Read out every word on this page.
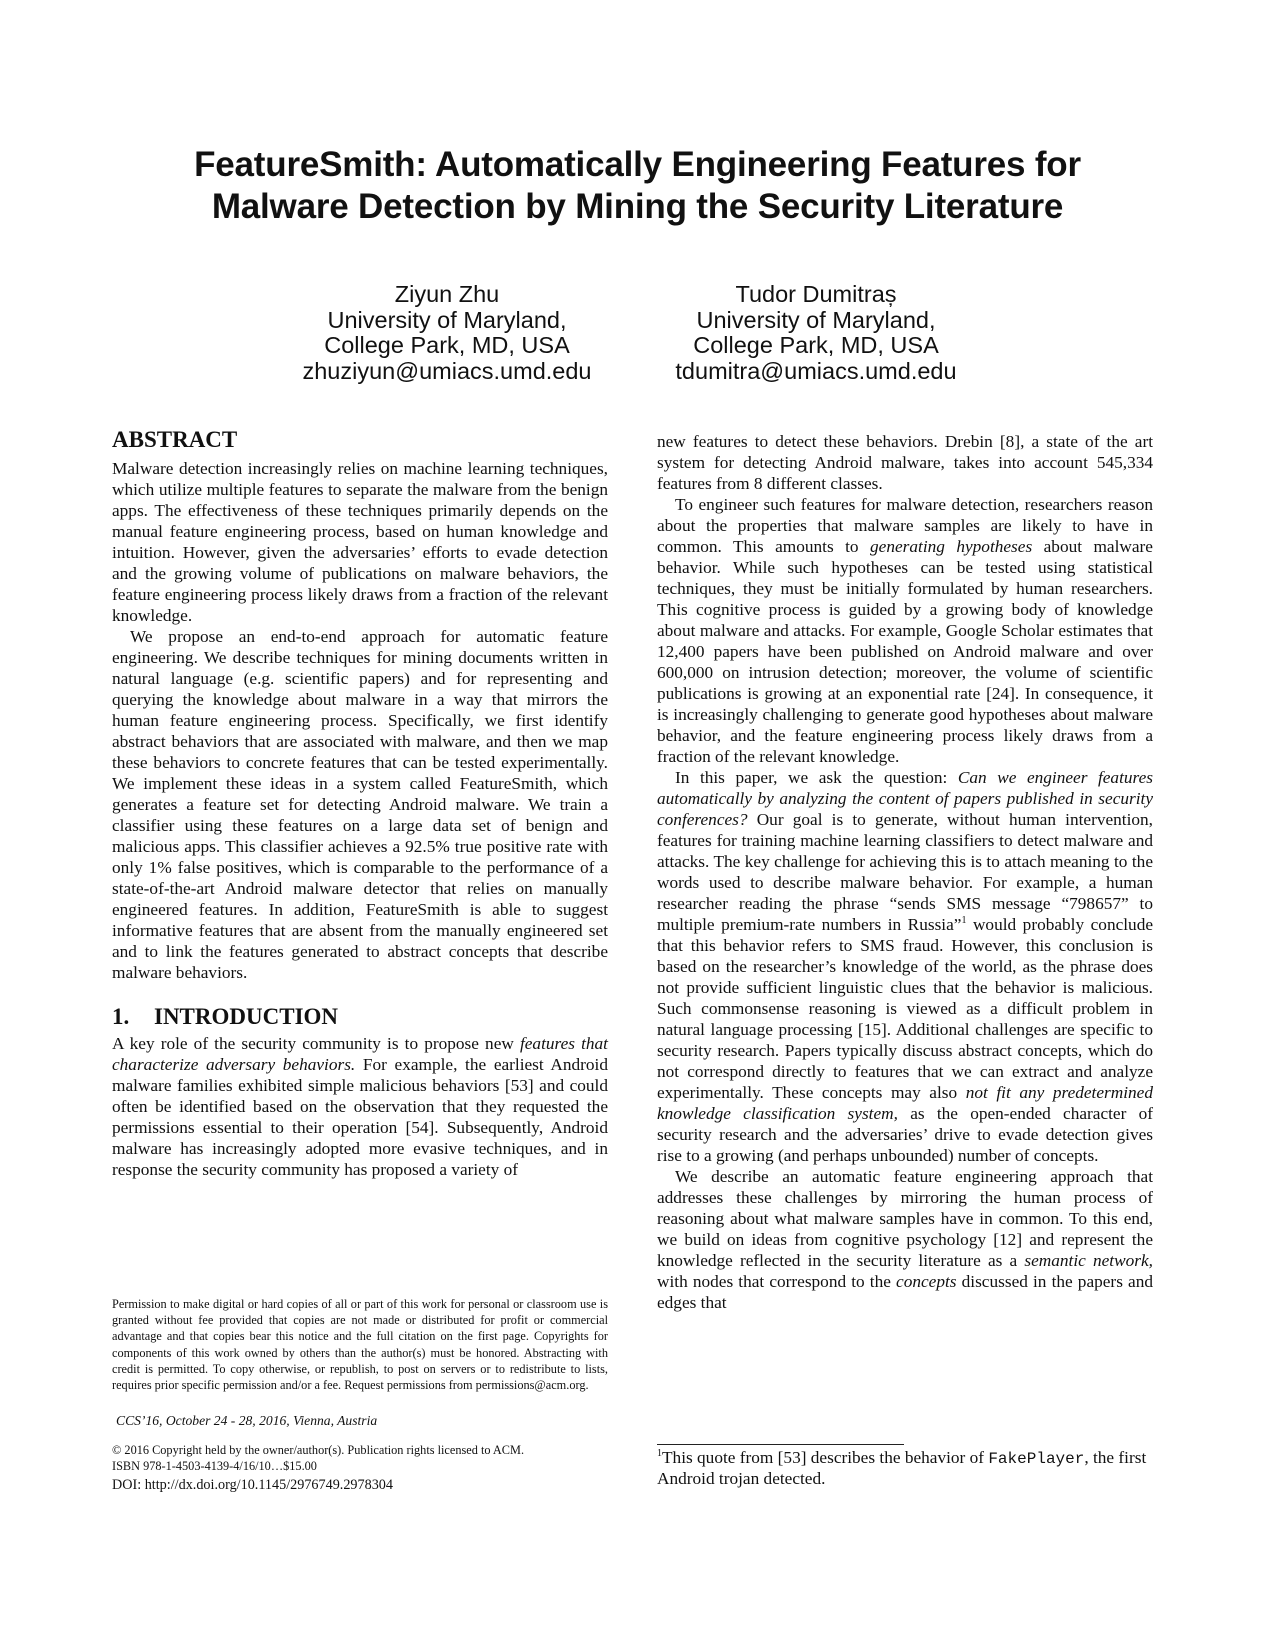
FeatureSmith: Automatically Engineering Features for
Malware Detection by Mining the Security Literature
Ziyun Zhu
University of Maryland,
College Park, MD, USA
zhuziyun@umiacs.umd.edu
Tudor Dumitraș
University of Maryland,
College Park, MD, USA
tdumitra@umiacs.umd.edu
ABSTRACT

Malware detection increasingly relies on machine learning techniques, which utilize multiple features to separate the malware from the benign apps. The effectiveness of these techniques primarily depends on the manual feature engineering process, based on human knowledge and intuition. However, given the adversaries’ efforts to evade detection and the growing volume of publications on malware behaviors, the feature engineering process likely draws from a fraction of the relevant knowledge.

We propose an end-to-end approach for automatic feature engineering. We describe techniques for mining documents written in natural language (e.g. scientific papers) and for representing and querying the knowledge about malware in a way that mirrors the human feature engineering process. Specifically, we first identify abstract behaviors that are associated with malware, and then we map these behaviors to concrete features that can be tested experimentally. We implement these ideas in a system called FeatureSmith, which generates a feature set for detecting Android malware. We train a classifier using these features on a large data set of benign and malicious apps. This classifier achieves a 92.5% true positive rate with only 1% false positives, which is comparable to the performance of a state-of-the-art Android malware detector that relies on manually engineered features. In addition, FeatureSmith is able to suggest informative features that are absent from the manually engineered set and to link the features generated to abstract concepts that describe malware behaviors.

1. INTRODUCTION

A key role of the security community is to propose new features that characterize adversary behaviors. For example, the earliest Android malware families exhibited simple malicious behaviors [53] and could often be identified based on the observation that they requested the permissions essential to their operation [54]. Subsequently, Android malware has increasingly adopted more evasive techniques, and in response the security community has proposed a variety of

Permission to make digital or hard copies of all or part of this work for personal or classroom use is granted without fee provided that copies are not made or distributed for profit or commercial advantage and that copies bear this notice and the full citation on the first page. Copyrights for components of this work owned by others than the author(s) must be honored. Abstracting with credit is permitted. To copy otherwise, or republish, to post on servers or to redistribute to lists, requires prior specific permission and/or a fee. Request permissions from permissions@acm.org.
CCS’16, October 24 - 28, 2016, Vienna, Austria
© 2016 Copyright held by the owner/author(s). Publication rights licensed to ACM.
ISBN 978-1-4503-4139-4/16/10…$15.00
DOI: http://dx.doi.org/10.1145/2976749.2978304

new features to detect these behaviors. Drebin [8], a state of the art system for detecting Android malware, takes into account 545,334 features from 8 different classes.

To engineer such features for malware detection, researchers reason about the properties that malware samples are likely to have in common. This amounts to generating hypotheses about malware behavior. While such hypotheses can be tested using statistical techniques, they must be initially formulated by human researchers. This cognitive process is guided by a growing body of knowledge about malware and attacks. For example, Google Scholar estimates that 12,400 papers have been published on Android malware and over 600,000 on intrusion detection; moreover, the volume of scientific publications is growing at an exponential rate [24]. In consequence, it is increasingly challenging to generate good hypotheses about malware behavior, and the feature engineering process likely draws from a fraction of the relevant knowledge.

In this paper, we ask the question: Can we engineer features automatically by analyzing the content of papers published in security conferences? Our goal is to generate, without human intervention, features for training machine learning classifiers to detect malware and attacks. The key challenge for achieving this is to attach meaning to the words used to describe malware behavior. For example, a human researcher reading the phrase “sends SMS message “798657” to multiple premium-rate numbers in Russia”$^1$ would probably conclude that this behavior refers to SMS fraud. However, this conclusion is based on the researcher’s knowledge of the world, as the phrase does not provide sufficient linguistic clues that the behavior is malicious. Such commonsense reasoning is viewed as a difficult problem in natural language processing [15]. Additional challenges are specific to security research. Papers typically discuss abstract concepts, which do not correspond directly to features that we can extract and analyze experimentally. These concepts may also not fit any predetermined knowledge classification system, as the open-ended character of security research and the adversaries’ drive to evade detection gives rise to a growing (and perhaps unbounded) number of concepts.

We describe an automatic feature engineering approach that addresses these challenges by mirroring the human process of reasoning about what malware samples have in common. To this end, we build on ideas from cognitive psychology [12] and represent the knowledge reflected in the security literature as a semantic network, with nodes that correspond to the concepts discussed in the papers and edges that

$^1$This quote from [53] describes the behavior of FakePlayer, the first Android trojan detected.
